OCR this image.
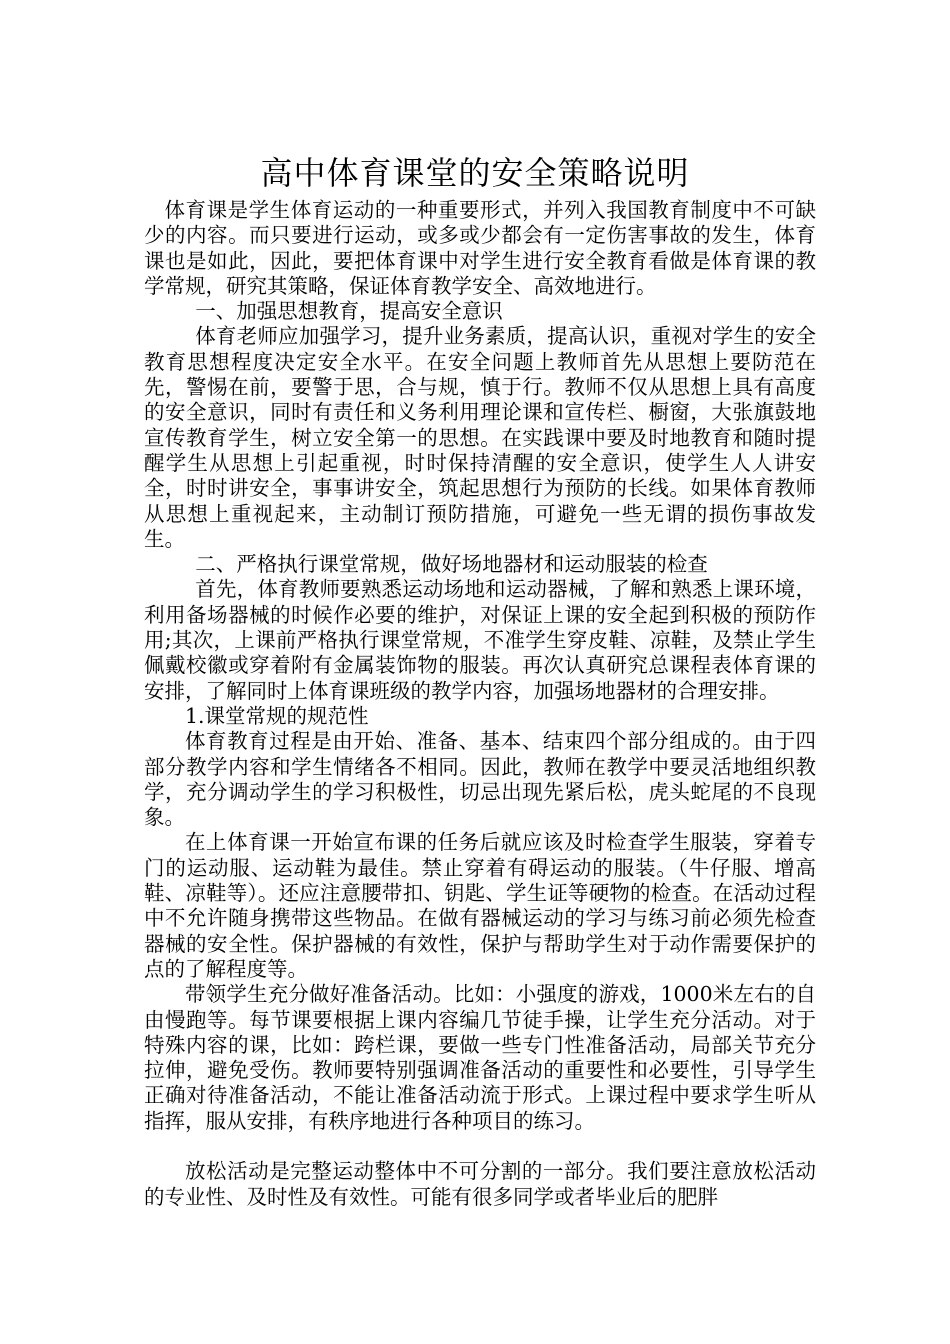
高中体育课堂的安全策略说明

体育课是学生体育运动的一种重要形式，并列入我国教育制度中不可缺少的内容。而只要进行运动，或多或少都会有一定伤害事故的发生，体育课也是如此，因此，要把体育课中对学生进行安全教育看做是体育课的教学常规，研究其策略，保证体育教学安全、高效地进行。

一、加强思想教育，提高安全意识

体育老师应加强学习，提升业务素质，提高认识，重视对学生的安全教育思想程度决定安全水平。在安全问题上教师首先从思想上要防范在先，警惕在前，要警于思，合与规，慎于行。教师不仅从思想上具有高度的安全意识，同时有责任和义务利用理论课和宣传栏、橱窗，大张旗鼓地宣传教育学生，树立安全第一的思想。在实践课中要及时地教育和随时提醒学生从思想上引起重视，时时保持清醒的安全意识，使学生人人讲安全，时时讲安全，事事讲安全，筑起思想行为预防的长线。如果体育教师从思想上重视起来，主动制订预防措施，可避免一些无谓的损伤事故发生。

二、严格执行课堂常规，做好场地器材和运动服装的检查

首先，体育教师要熟悉运动场地和运动器械，了解和熟悉上课环境，利用备场器械的时候作必要的维护，对保证上课的安全起到积极的预防作用;其次，上课前严格执行课堂常规，不准学生穿皮鞋、凉鞋，及禁止学生佩戴校徽或穿着附有金属装饰物的服装。再次认真研究总课程表体育课的安排，了解同时上体育课班级的教学内容，加强场地器材的合理安排。

1.课堂常规的规范性

体育教育过程是由开始、准备、基本、结束四个部分组成的。由于四部分教学内容和学生情绪各不相同。因此，教师在教学中要灵活地组织教学，充分调动学生的学习积极性，切忌出现先紧后松，虎头蛇尾的不良现象。

在上体育课一开始宣布课的任务后就应该及时检查学生服装，穿着专门的运动服、运动鞋为最佳。禁止穿着有碍运动的服装。（牛仔服、增高鞋、凉鞋等）。还应注意腰带扣、钥匙、学生证等硬物的检查。在活动过程中不允许随身携带这些物品。在做有器械运动的学习与练习前必须先检查器械的安全性。保护器械的有效性，保护与帮助学生对于动作需要保护的点的了解程度等。

带领学生充分做好准备活动。比如：小强度的游戏，1000米左右的自由慢跑等。每节课要根据上课内容编几节徒手操，让学生充分活动。对于特殊内容的课，比如：跨栏课，要做一些专门性准备活动，局部关节充分拉伸，避免受伤。教师要特别强调准备活动的重要性和必要性，引导学生正确对待准备活动，不能让准备活动流于形式。上课过程中要求学生听从指挥，服从安排，有秩序地进行各种项目的练习。

放松活动是完整运动整体中不可分割的一部分。我们要注意放松活动的专业性、及时性及有效性。可能有很多同学或者毕业后的肥胖
